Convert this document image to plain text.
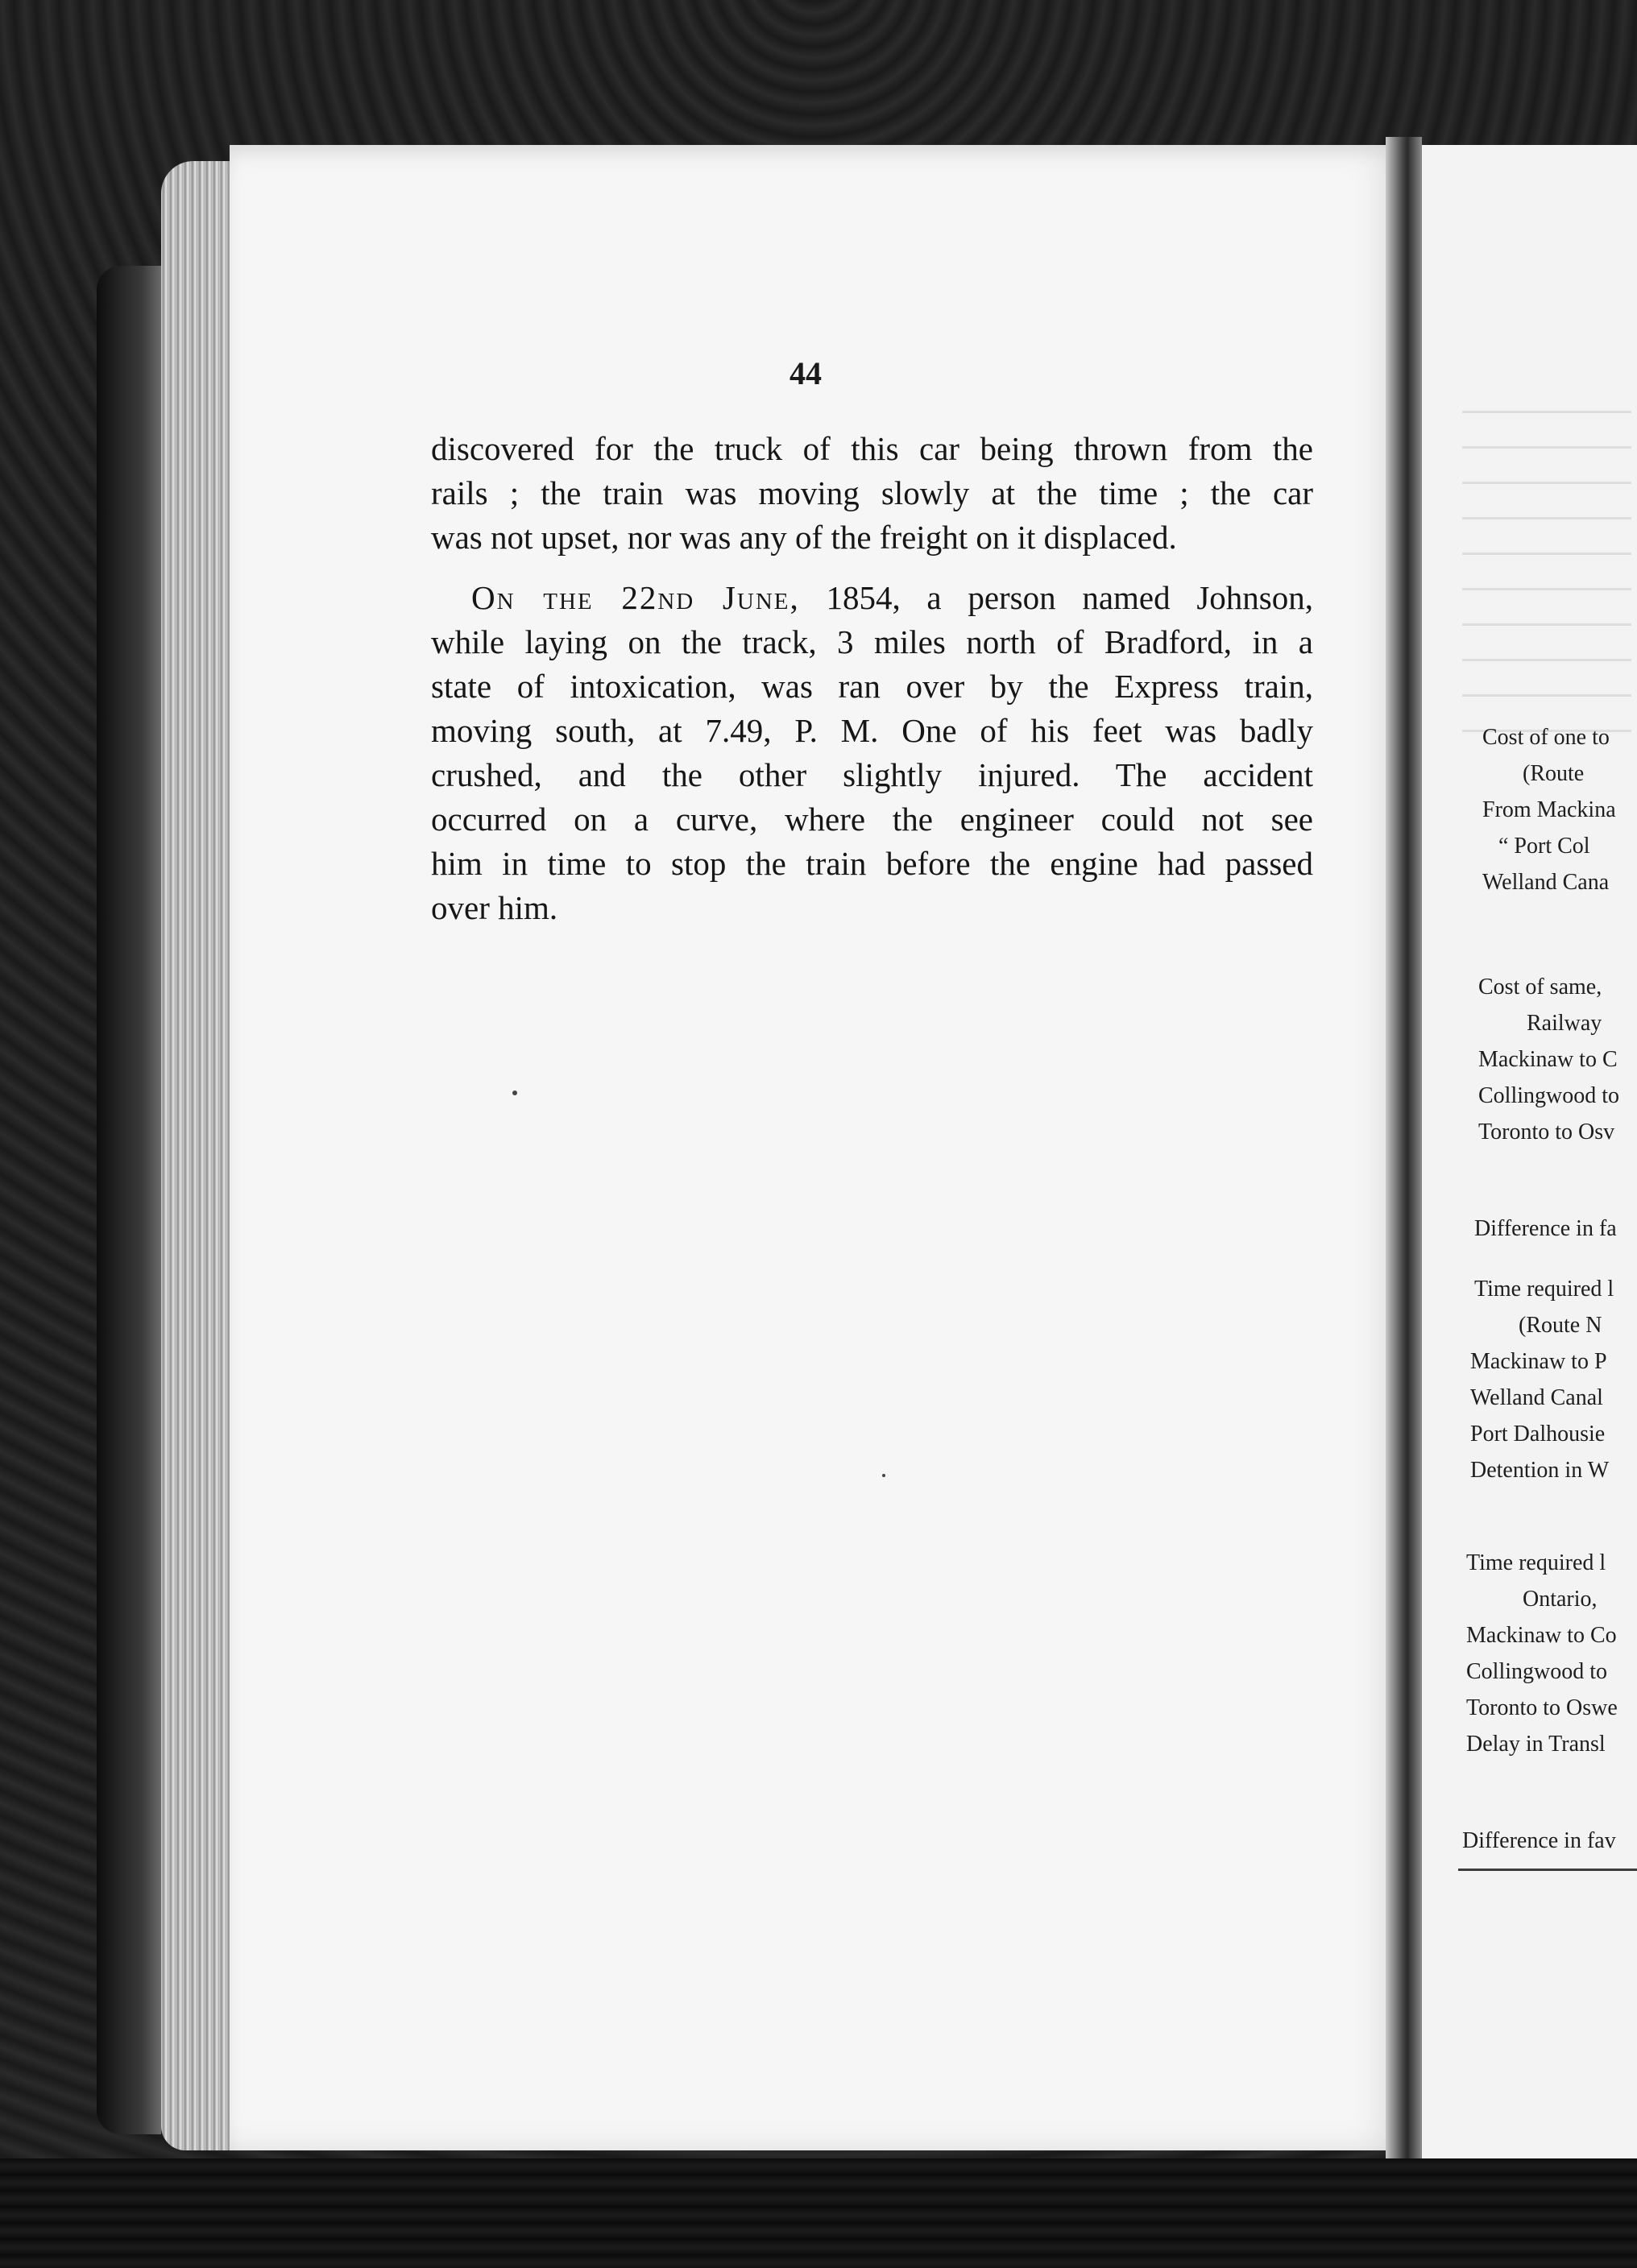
Cost of one to
(Route
From Mackina
“ Port Col
Welland Cana
Cost of same,
Railway
Mackinaw to C
Collingwood to
Toronto to Osv
Difference in fa
Time required l
(Route N
Mackinaw to P
Welland Canal
Port Dalhousie
Detention in W
Time required l
Ontario,
Mackinaw to Co
Collingwood to
Toronto to Oswe
Delay in Transl
Difference in fav
44

discovered for the truck of this car being thrown from the
rails ; the train was moving slowly at the time ; the car
was not upset, nor was any of the freight on it displaced.

On the 22nd June, 1854, a person named Johnson,
while laying on the track, 3 miles north of Bradford, in a
state of intoxication, was ran over by the Express train,
moving south, at 7.49, P. M. One of his feet was badly
crushed, and the other slightly injured. The accident
occurred on a curve, where the engineer could not see
him in time to stop the train before the engine had passed
over him.
